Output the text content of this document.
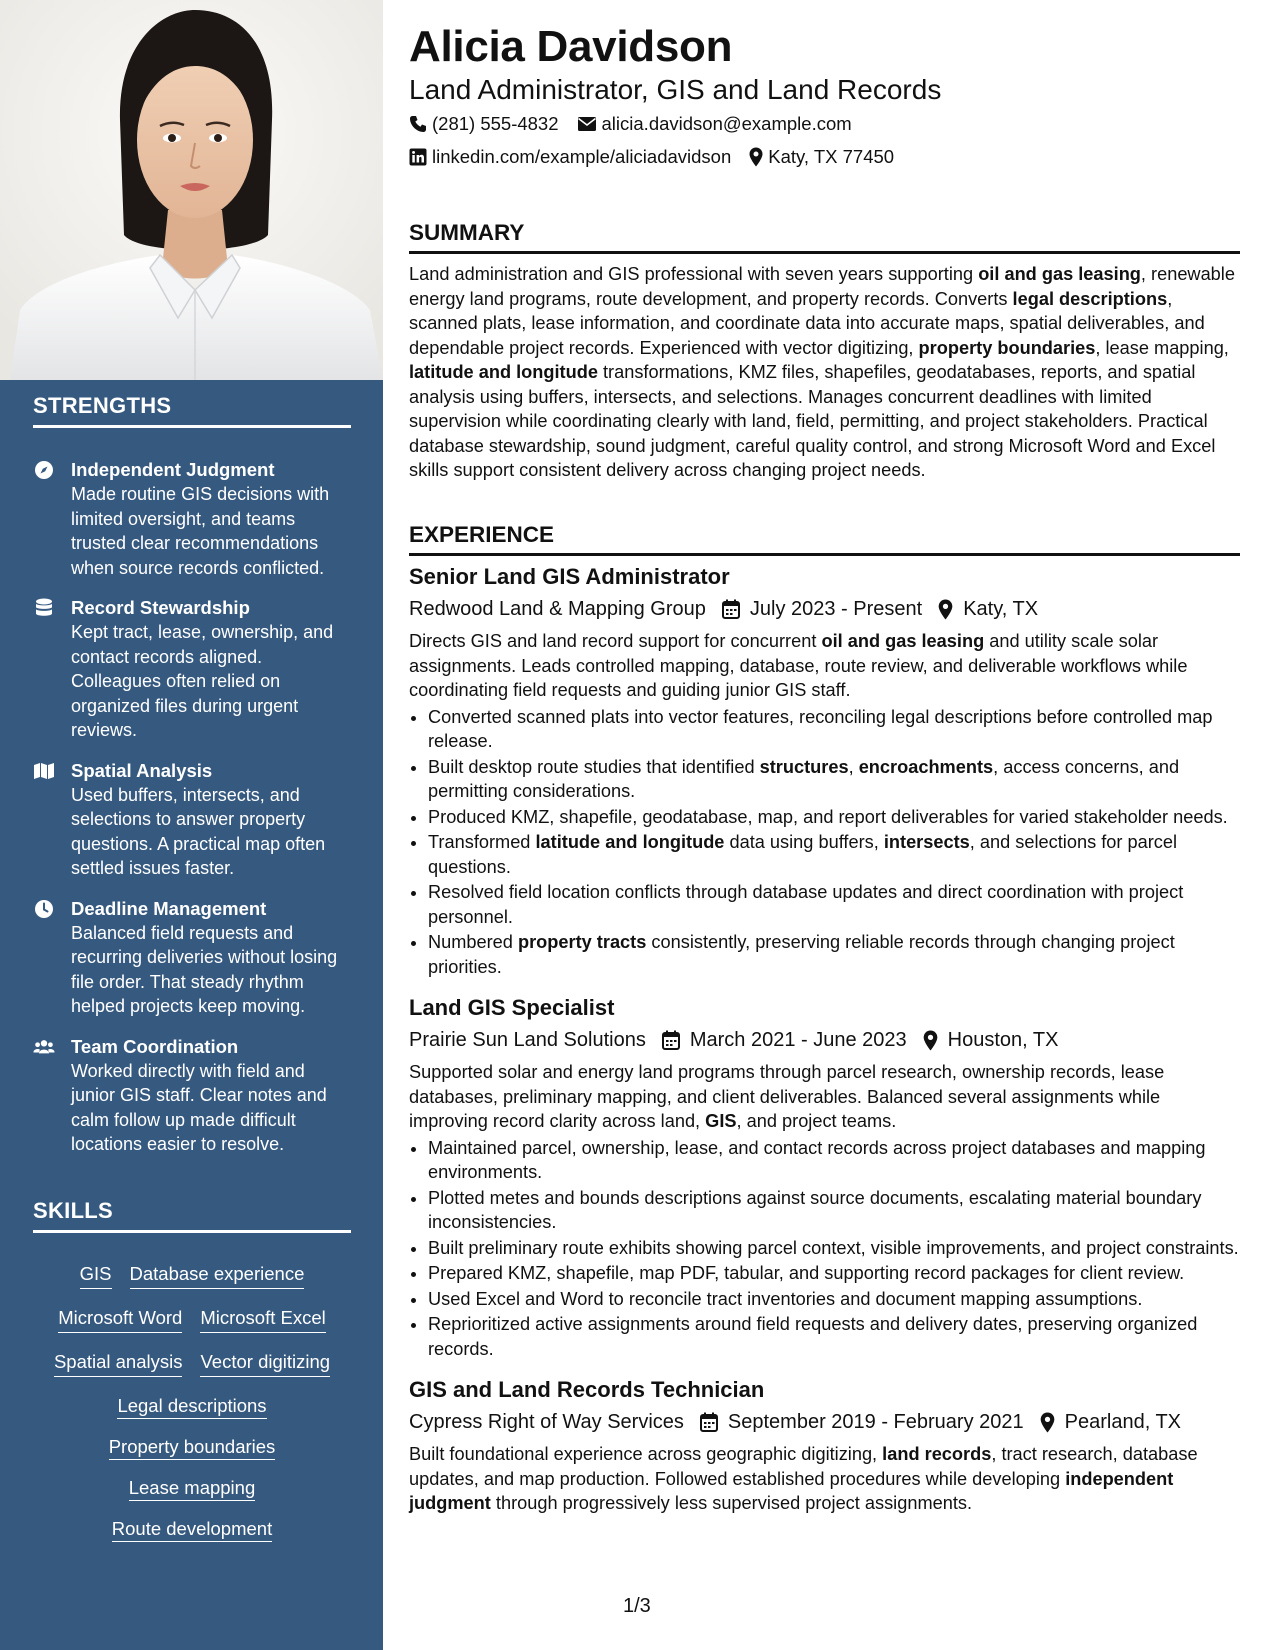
STRENGTHS
Independent Judgment
Made routine GIS decisions with limited oversight, and teams trusted clear recommendations when source records conflicted.
Record Stewardship
Kept tract, lease, ownership, and contact records aligned. Colleagues often relied on organized files during urgent reviews.
Spatial Analysis
Used buffers, intersects, and selections to answer property questions. A practical map often settled issues faster.
Deadline Management
Balanced field requests and recurring deliveries without losing file order. That steady rhythm helped projects keep moving.
Team Coordination
Worked directly with field and junior GIS staff. Clear notes and calm follow up made difficult locations easier to resolve.
SKILLS
GIS Database experience
Microsoft Word Microsoft Excel
Spatial analysis Vector digitizing
Legal descriptions
Property boundaries
Lease mapping
Route development
Alicia Davidson
Land Administrator, GIS and Land Records
(281) 555-4832 alicia.davidson@example.com
linkedin.com/example/aliciadavidson Katy, TX 77450
SUMMARY

Land administration and GIS professional with seven years supporting oil and gas leasing, renewable energy land programs, route development, and property records. Converts legal descriptions, scanned plats, lease information, and coordinate data into accurate maps, spatial deliverables, and dependable project records. Experienced with vector digitizing, property boundaries, lease mapping, latitude and longitude transformations, KMZ files, shapefiles, geodatabases, reports, and spatial analysis using buffers, intersects, and selections. Manages concurrent deadlines with limited supervision while coordinating clearly with land, field, permitting, and project stakeholders. Practical database stewardship, sound judgment, careful quality control, and strong Microsoft Word and Excel skills support consistent delivery across changing project needs.

EXPERIENCE
Senior Land GIS Administrator
Redwood Land & Mapping Group July 2023 - Present Katy, TX

Directs GIS and land record support for concurrent oil and gas leasing and utility scale solar assignments. Leads controlled mapping, database, route review, and deliverable workflows while coordinating field requests and guiding junior GIS staff.

• Converted scanned plats into vector features, reconciling legal descriptions before controlled map release.
• Built desktop route studies that identified structures, encroachments, access concerns, and permitting considerations.
• Produced KMZ, shapefile, geodatabase, map, and report deliverables for varied stakeholder needs.
• Transformed latitude and longitude data using buffers, intersects, and selections for parcel questions.
• Resolved field location conflicts through database updates and direct coordination with project personnel.
• Numbered property tracts consistently, preserving reliable records through changing project priorities.
Land GIS Specialist
Prairie Sun Land Solutions March 2021 - June 2023 Houston, TX

Supported solar and energy land programs through parcel research, ownership records, lease databases, preliminary mapping, and client deliverables. Balanced several assignments while improving record clarity across land, GIS, and project teams.

• Maintained parcel, ownership, lease, and contact records across project databases and mapping environments.
• Plotted metes and bounds descriptions against source documents, escalating material boundary inconsistencies.
• Built preliminary route exhibits showing parcel context, visible improvements, and project constraints.
• Prepared KMZ, shapefile, map PDF, tabular, and supporting record packages for client review.
• Used Excel and Word to reconcile tract inventories and document mapping assumptions.
• Reprioritized active assignments around field requests and delivery dates, preserving organized records.
GIS and Land Records Technician
Cypress Right of Way Services September 2019 - February 2021 Pearland, TX

Built foundational experience across geographic digitizing, land records, tract research, database updates, and map production. Followed established procedures while developing independent judgment through progressively less supervised project assignments.

1/3
